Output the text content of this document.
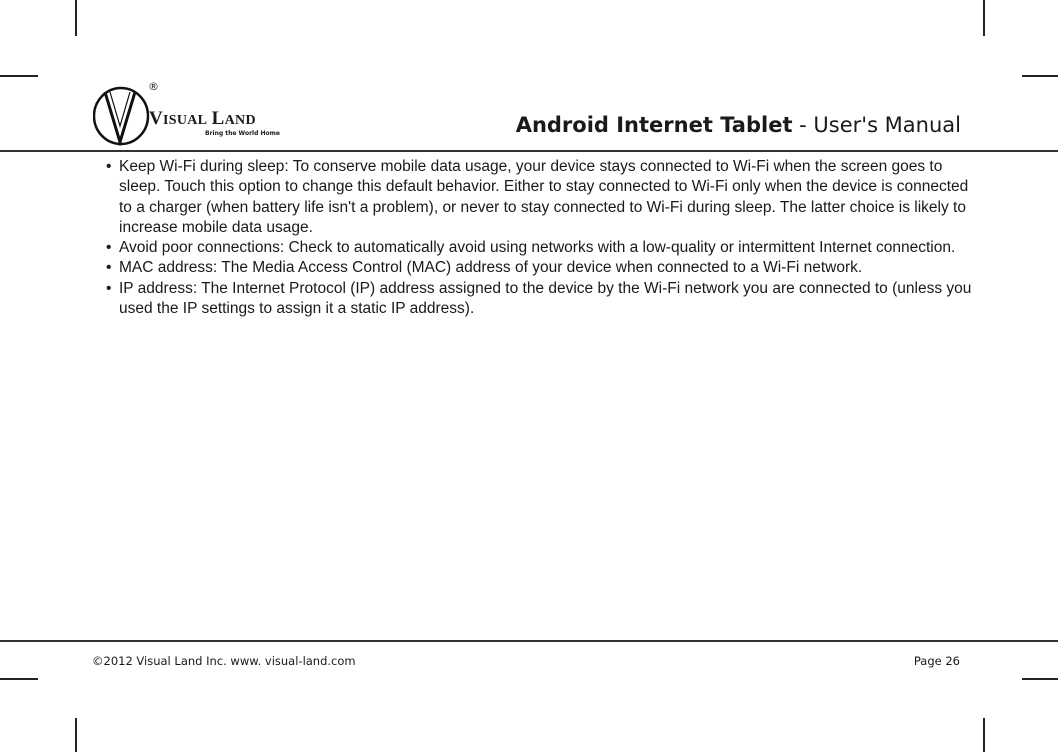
®
VISUAL LAND
Bring the World Home	Android Internet Tablet - User's Manual
• Keep Wi-Fi during sleep: To conserve mobile data usage, your device stays connected to Wi-Fi when the screen goes to sleep. Touch this option to change this default behavior. Either to stay connected to Wi-Fi only when the device is connected to a charger (when battery life isn't a problem), or never to stay connected to Wi-Fi during sleep. The latter choice is likely to increase mobile data usage.
• Avoid poor connections: Check to automatically avoid using networks with a low-quality or intermittent Internet connection.
• MAC address: The Media Access Control (MAC) address of your device when connected to a Wi-Fi network.
• IP address: The Internet Protocol (IP) address assigned to the device by the Wi-Fi network you are connected to (unless you used the IP settings to assign it a static IP address).
©2012 Visual Land Inc. www. visual-land.com	Page 26
